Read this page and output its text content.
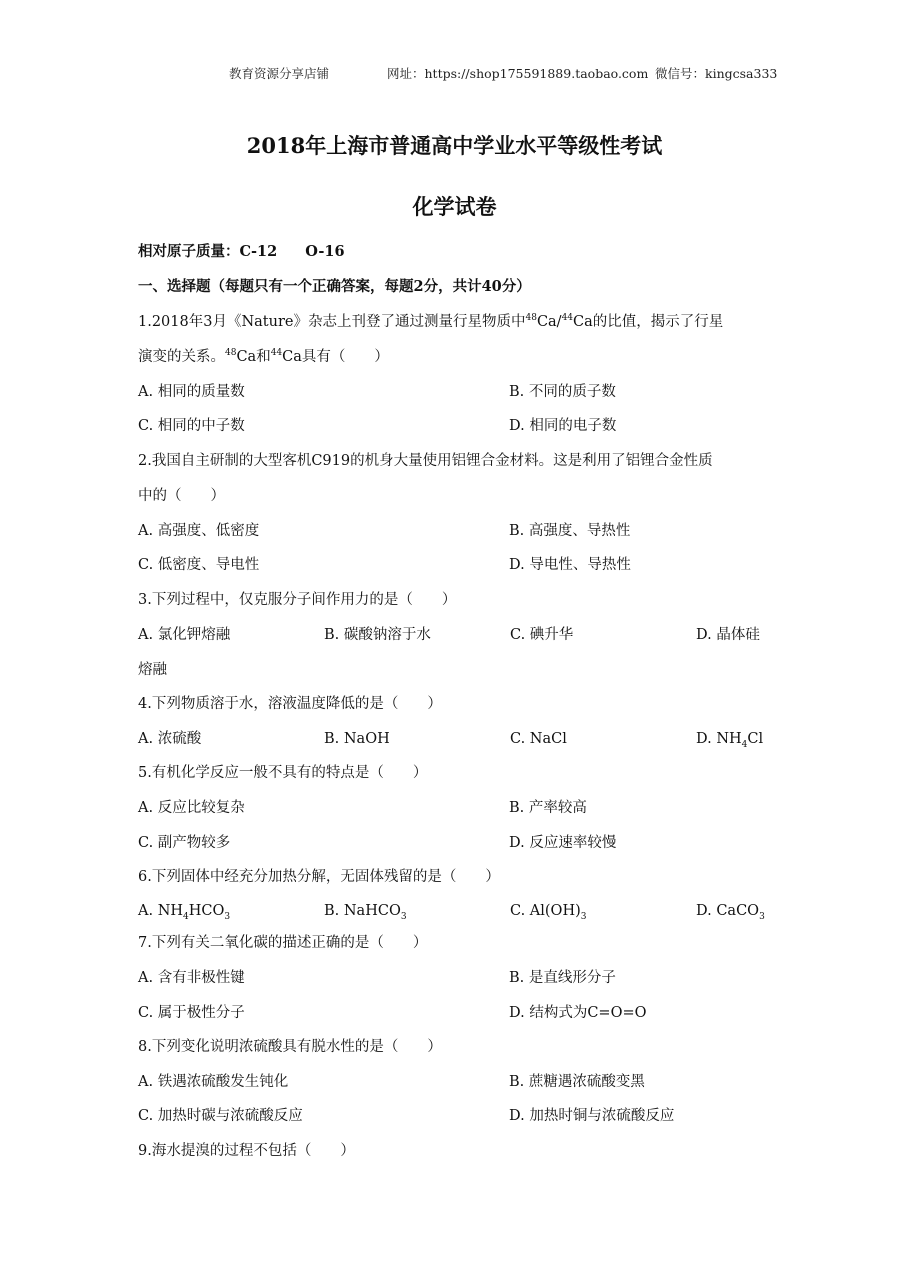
教育资源分享店铺	网址：https://shop175591889.taobao.com 微信号：kingcsa333
2018年上海市普通高中学业水平等级性考试
化学试卷
相对原子质量：C-12 O-16
一、选择题（每题只有一个正确答案，每题2分，共计40分）
1.2018年3月《Nature》杂志上刊登了通过测量行星物质中$^{48}$Ca/$^{44}$Ca的比值，揭示了行星
演变的关系。$^{48}$Ca和$^{44}$Ca具有（　　）
A. 相同的质量数	B. 不同的质子数
C. 相同的中子数	D. 相同的电子数
2.我国自主研制的大型客机C919的机身大量使用铝锂合金材料。这是利用了铝锂合金性质
中的（　　）
A. 高强度、低密度	B. 高强度、导热性
C. 低密度、导电性	D. 导电性、导热性
3.下列过程中，仅克服分子间作用力的是（　　）
A. 氯化钾熔融	B. 碳酸钠溶于水	C. 碘升华	D. 晶体硅
熔融
4.下列物质溶于水，溶液温度降低的是（　　）
A. 浓硫酸	B. NaOH	C. NaCl	D. $NH_4Cl$
5.有机化学反应一般不具有的特点是（　　）
A. 反应比较复杂	B. 产率较高
C. 副产物较多	D. 反应速率较慢
6.下列固体中经充分加热分解，无固体残留的是（　　）
A. $NH_4HCO_3$	B. NaHCO$_3$	C. $Al(OH)_3$	D. CaCO$_3$
7.下列有关二氧化碳的描述正确的是（　　）
A. 含有非极性键	B. 是直线形分子
C. 属于极性分子	D. 结构式为C=O=O
8.下列变化说明浓硫酸具有脱水性的是（　　）
A. 铁遇浓硫酸发生钝化	B. 蔗糖遇浓硫酸变黑
C. 加热时碳与浓硫酸反应	D. 加热时铜与浓硫酸反应
9.海水提溴的过程不包括（　　）
